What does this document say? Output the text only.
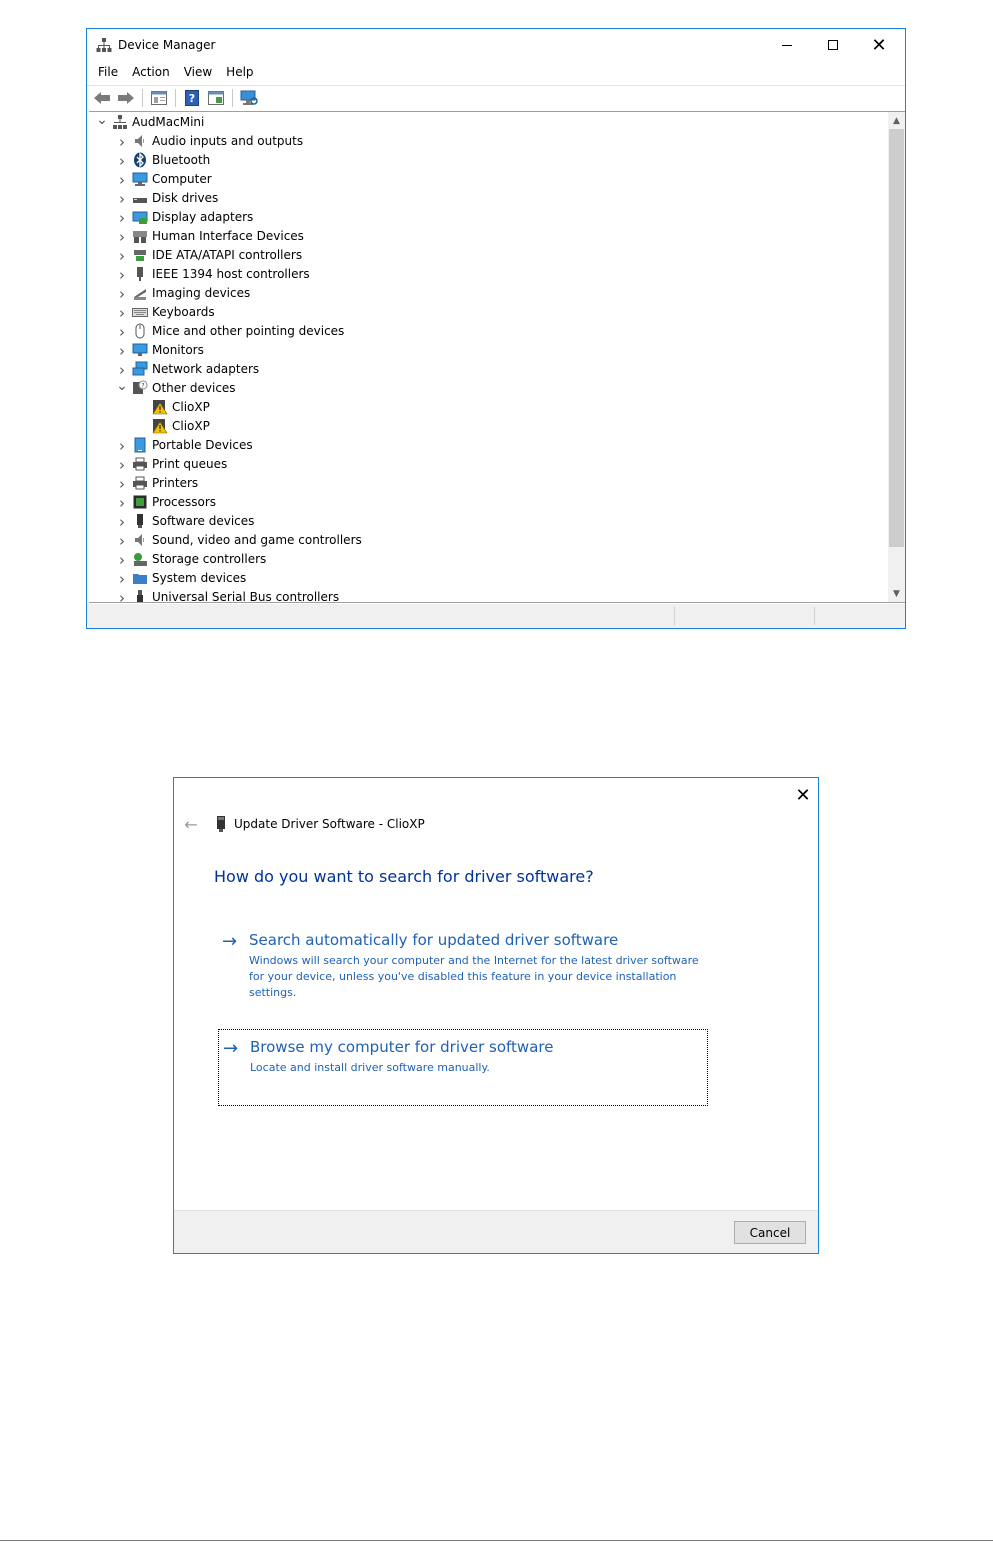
Device Manager	✕
File	Action	View	Help
?
⌄ AudMacMini
›	Audio inputs and outputs
›	Bluetooth
›	Computer
›	Disk drives
›	Display adapters
›	Human Interface Devices
›	IDE ATA/ATAPI controllers
›	IEEE 1394 host controllers
›	Imaging devices
›	Keyboards
›	Mice and other pointing devices
›	Monitors
›	Network adapters
⌄ ? Other devices
ClioXP
ClioXP
›	Portable Devices
›	Print queues
›	Printers
›	Processors
›	Software devices
›	Sound, video and game controllers
›	Storage controllers
›	System devices
›	Universal Serial Bus controllers
▲
▼
✕
←	Update Driver Software - ClioXP
How do you want to search for driver software?
→ Search automatically for updated driver software
Windows will search your computer and the Internet for the latest driver software for your device, unless you've disabled this feature in your device installation settings.
→ Browse my computer for driver software
Locate and install driver software manually.
Cancel
